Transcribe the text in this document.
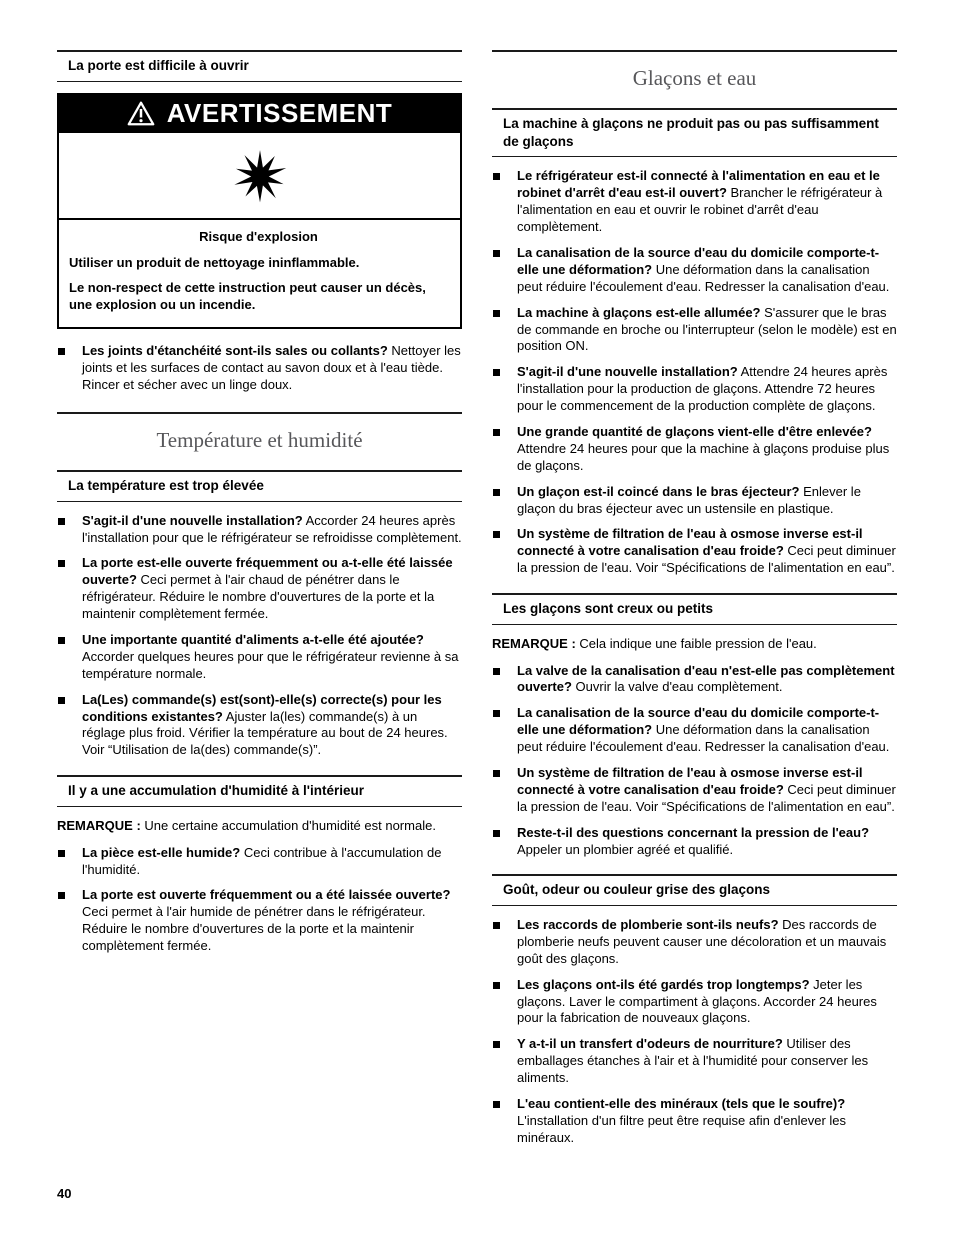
La porte est difficile à ouvrir
AVERTISSEMENT
Risque d'explosion

Utiliser un produit de nettoyage ininflammable.

Le non-respect de cette instruction peut causer un décès, une explosion ou un incendie.

Les joints d'étanchéité sont-ils sales ou collants? Nettoyer les joints et les surfaces de contact au savon doux et à l'eau tiède. Rincer et sécher avec un linge doux.
Température et humidité
La température est trop élevée
S'agit-il d'une nouvelle installation? Accorder 24 heures après l'installation pour que le réfrigérateur se refroidisse complètement.
La porte est-elle ouverte fréquemment ou a-t-elle été laissée ouverte? Ceci permet à l'air chaud de pénétrer dans le réfrigérateur. Réduire le nombre d'ouvertures de la porte et la maintenir complètement fermée.
Une importante quantité d'aliments a-t-elle été ajoutée? Accorder quelques heures pour que le réfrigérateur revienne à sa température normale.
La(Les) commande(s) est(sont)-elle(s) correcte(s) pour les conditions existantes? Ajuster la(les) commande(s) à un réglage plus froid. Vérifier la température au bout de 24 heures. Voir “Utilisation de la(des) commande(s)”.
Il y a une accumulation d'humidité à l'intérieur

REMARQUE : Une certaine accumulation d'humidité est normale.

La pièce est-elle humide? Ceci contribue à l'accumulation de l'humidité.
La porte est ouverte fréquemment ou a été laissée ouverte? Ceci permet à l'air humide de pénétrer dans le réfrigérateur. Réduire le nombre d'ouvertures de la porte et la maintenir complètement fermée.
Glaçons et eau
La machine à glaçons ne produit pas ou pas suffisamment de glaçons
Le réfrigérateur est-il connecté à l'alimentation en eau et le robinet d'arrêt d'eau est-il ouvert? Brancher le réfrigérateur à l'alimentation en eau et ouvrir le robinet d'arrêt d'eau complètement.
La canalisation de la source d'eau du domicile comporte-t-elle une déformation? Une déformation dans la canalisation peut réduire l'écoulement d'eau. Redresser la canalisation d'eau.
La machine à glaçons est-elle allumée? S'assurer que le bras de commande en broche ou l'interrupteur (selon le modèle) est en position ON.
S'agit-il d'une nouvelle installation? Attendre 24 heures après l'installation pour la production de glaçons. Attendre 72 heures pour le commencement de la production complète de glaçons.
Une grande quantité de glaçons vient-elle d'être enlevée? Attendre 24 heures pour que la machine à glaçons produise plus de glaçons.
Un glaçon est-il coincé dans le bras éjecteur? Enlever le glaçon du bras éjecteur avec un ustensile en plastique.
Un système de filtration de l'eau à osmose inverse est-il connecté à votre canalisation d'eau froide? Ceci peut diminuer la pression de l'eau. Voir “Spécifications de l'alimentation en eau”.
Les glaçons sont creux ou petits

REMARQUE : Cela indique une faible pression de l'eau.

La valve de la canalisation d'eau n'est-elle pas complètement ouverte? Ouvrir la valve d'eau complètement.
La canalisation de la source d'eau du domicile comporte-t-elle une déformation? Une déformation dans la canalisation peut réduire l'écoulement d'eau. Redresser la canalisation d'eau.
Un système de filtration de l'eau à osmose inverse est-il connecté à votre canalisation d'eau froide? Ceci peut diminuer la pression de l'eau. Voir “Spécifications de l'alimentation en eau”.
Reste-t-il des questions concernant la pression de l'eau? Appeler un plombier agréé et qualifié.
Goût, odeur ou couleur grise des glaçons
Les raccords de plomberie sont-ils neufs? Des raccords de plomberie neufs peuvent causer une décoloration et un mauvais goût des glaçons.
Les glaçons ont-ils été gardés trop longtemps? Jeter les glaçons. Laver le compartiment à glaçons. Accorder 24 heures pour la fabrication de nouveaux glaçons.
Y a-t-il un transfert d'odeurs de nourriture? Utiliser des emballages étanches à l'air et à l'humidité pour conserver les aliments.
L'eau contient-elle des minéraux (tels que le soufre)? L'installation d'un filtre peut être requise afin d'enlever les minéraux.
40
